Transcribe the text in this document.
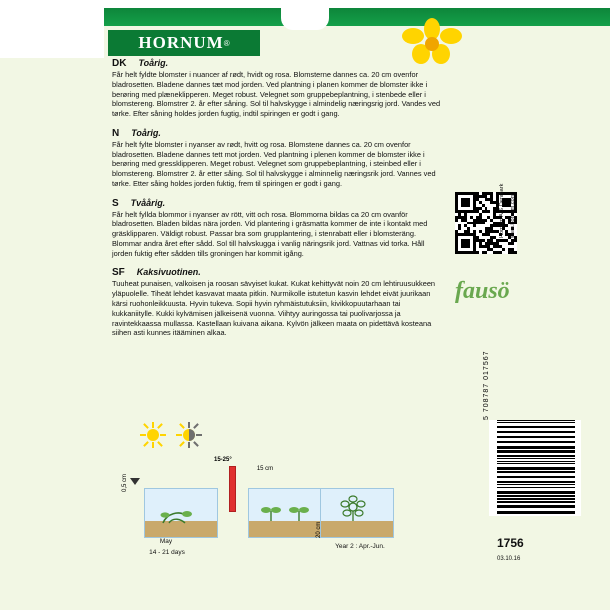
HORNUM ®
DK Toårig.
Får helt fyldte blomster i nuancer af rødt, hvidt og rosa. Blomsterne dannes ca. 20 cm ovenfor bladrosetten. Bladene dannes tæt mod jorden. Ved plantning i planen kommer de blomster ikke i berøring med plæneklipperen. Meget robust. Velegnet som gruppebeplantning, i stenbede eller i blomstereng. Blomstrer 2. år efter såning. Sol til halvskygge i almindelig næringsrig jord. Vandes ved tørke. Efter såning holdes jorden fugtig, indtil spiringen er godt i gang.
N Toårig.
Får helt fylte blomster i nyanser av rødt, hvitt og rosa. Blomstene dannes ca. 20 cm ovenfor bladrosetten. Bladene dannes tett mot jorden. Ved plantning i plenen kommer de blomster ikke i berøring med gressklipperen. Meget robust. Velegnet som gruppebeplantning, i steinbed eller i blomstereng. Blomstrer 2. år etter såing. Sol til halvskygge i alminnelig næringsrik jord. Vannes ved tørke. Etter såing holdes jorden fuktig, frem til spiringen er godt i gang.
S Tvåårig.
Får helt fyllda blommor i nyanser av rött, vitt och rosa. Blommorna bildas ca 20 cm ovanför bladrosetten. Bladen bildas nära jorden. Vid plantering i gräsmatta kommer de inte i kontakt med gräsklipparen. Väldigt robust. Passar bra som grupplantering, i stenrabatt eller i blomsteräng. Blommar andra året efter sådd. Sol till halvskugga i vanlig näringsrik jord. Vattnas vid torka. Håll jorden fuktig efter sådden tills groningen har kommit igång.
SF Kaksivuotinen.
Tuuheat punaisen, valkoisen ja roosan sävyiset kukat. Kukat kehittyvät noin 20 cm lehtiruusukkeen yläpuolelle. Tiheät lehdet kasvavat maata pitkin. Nurmikolle istutetun kasvin lehdet eivät juurikaan kärsi ruohonleikkuusta. Hyvin tukeva. Sopii hyvin ryhmäistutuksiin, kivikkopuutarhaan tai kukkaniitylle. Kukki kylvämisen jälkeisenä vuonna. Viihtyy auringossa tai puolivarjossa ja ravintekkaassa mullassa. Kastellaan kuivana aikana. Kylvön jälkeen maata on pidettävä kosteana siihen asti kunnes itääminen alkaa.
Hornum A/S Denmark www.hornum.com
fausö
5 708787 017567
0,5 cm
15-25°
15 cm
20 cm
May
14 - 21 days
Year 2 : Apr.-Jun.	1756
03.10.16
